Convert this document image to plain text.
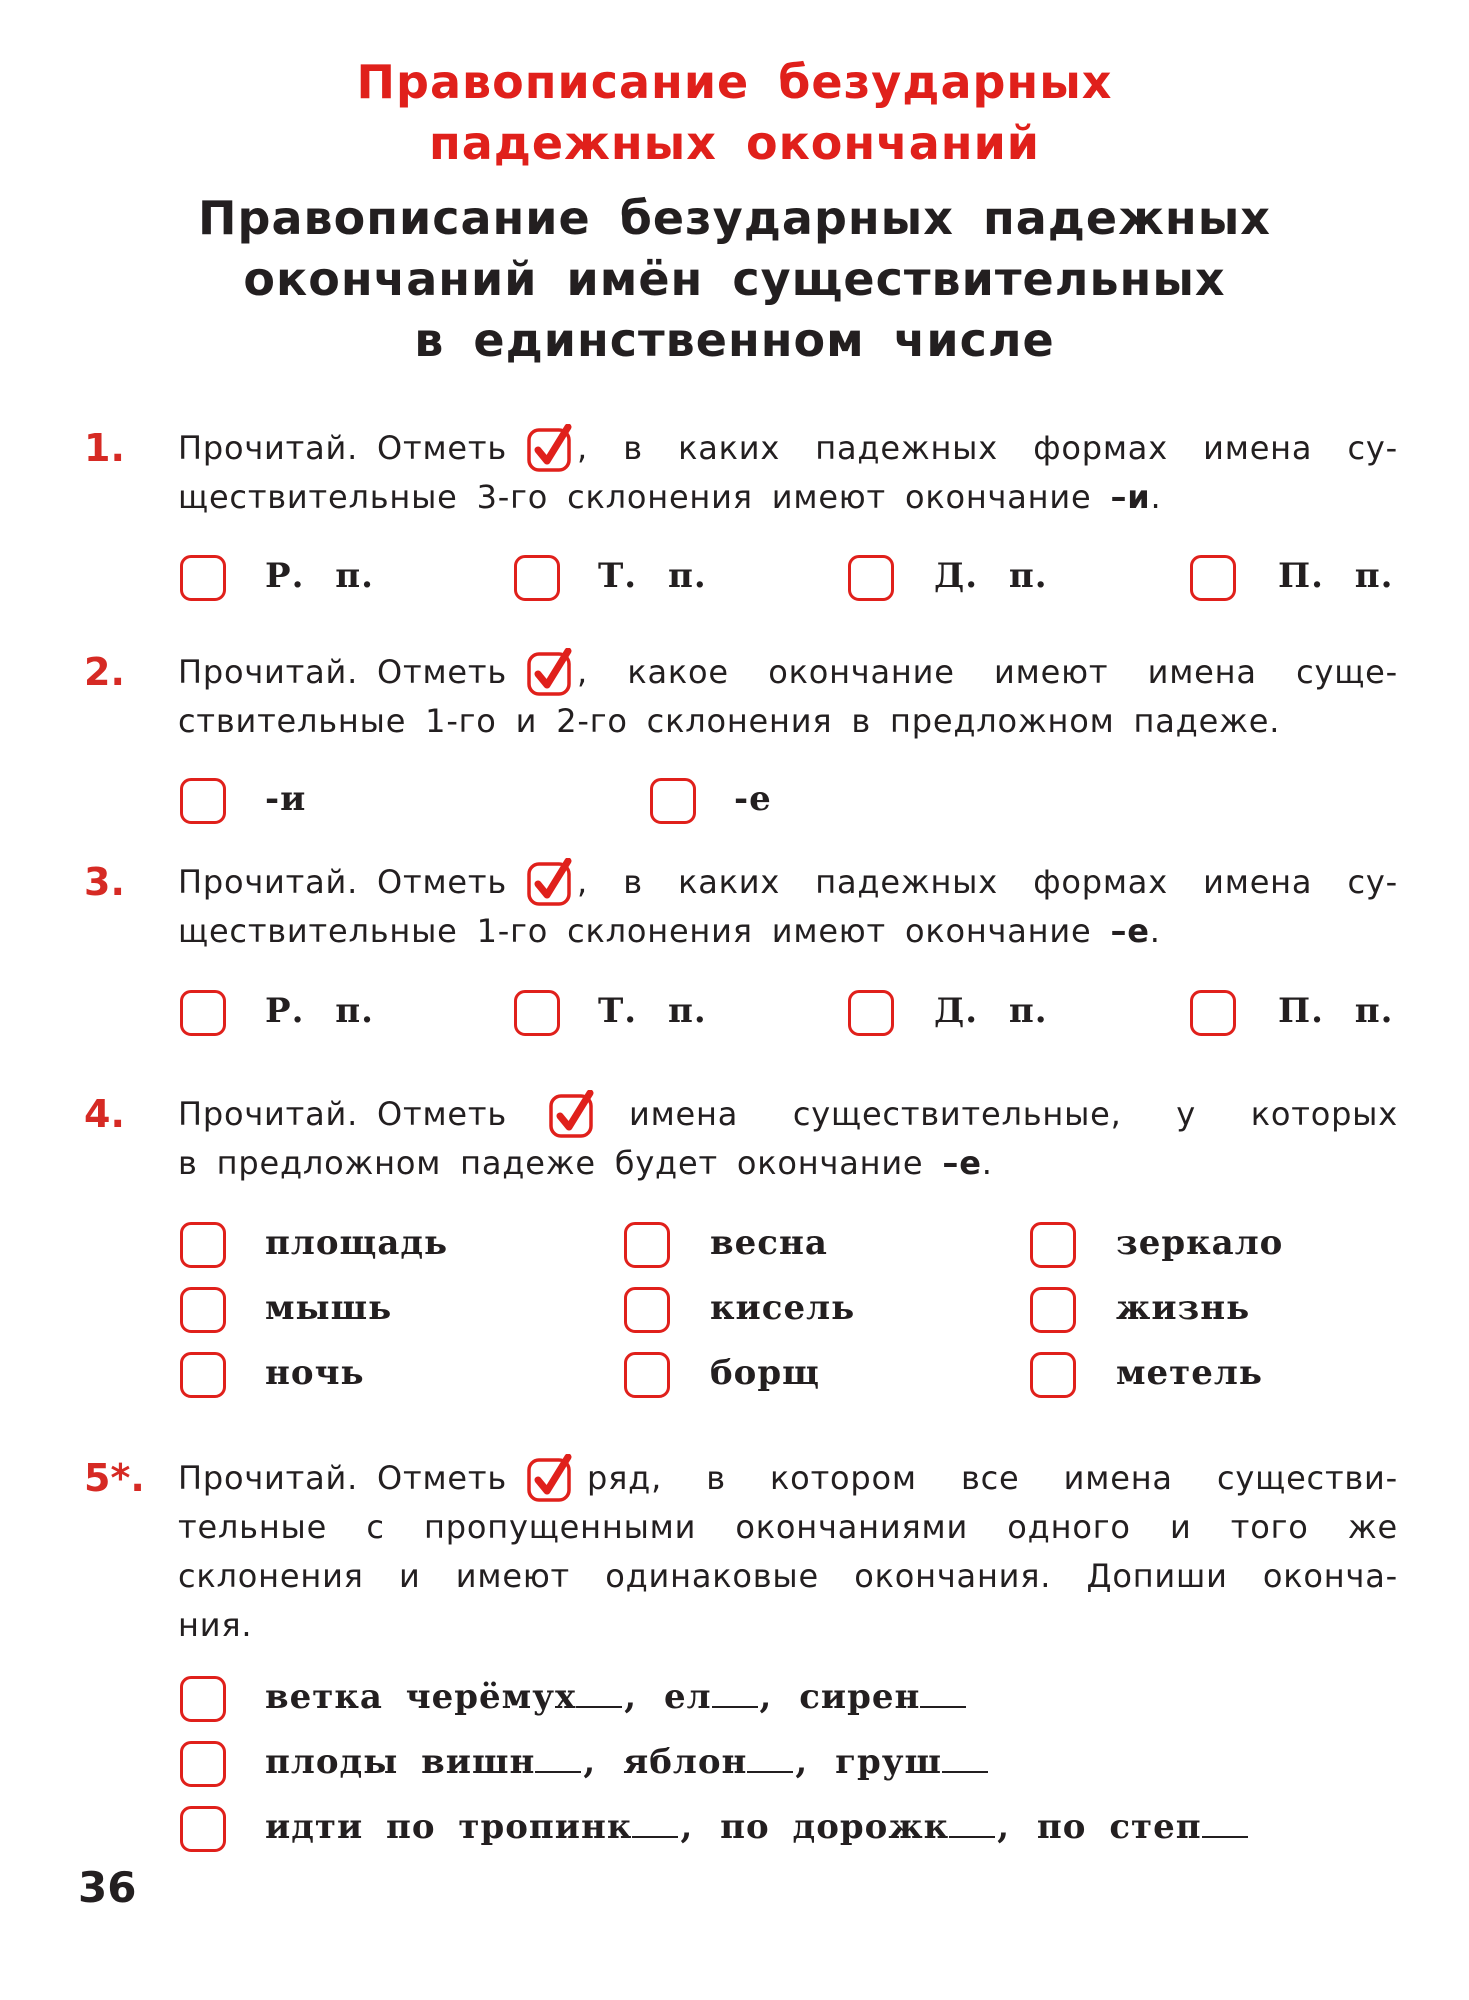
Правописание безударных
падежных окончаний
Правописание безударных падежных
окончаний имён существительных
в единственном числе
1. Прочитай. Отметь , в каких падежных формах имена су-
ществительные 3-го склонения имеют окончание –и.
Р. п.	Т. п.	Д. п.	П. п.
2. Прочитай. Отметь , какое окончание имеют имена суще-
ствительные 1-го и 2-го склонения в предложном падеже.
-и	-е
3. Прочитай. Отметь , в каких падежных формах имена су-
ществительные 1-го склонения имеют окончание –е.
Р. п.	Т. п.	Д. п.	П. п.
4. Прочитай. Отметь	имена существительные, у которых
в предложном падеже будет окончание –е.
площадь	весна	зеркало
мышь	кисель	жизнь
ночь	борщ	метель
5*. Прочитай. Отметь	ряд, в котором все имена существи-
тельные с пропущенными окончаниями одного и того же
склонения и имеют одинаковые окончания. Допиши оконча-
ния.
ветка черёмух , ел , сирен
плоды вишн , яблон , груш
идти по тропинк , по дорожк , по степ
36
